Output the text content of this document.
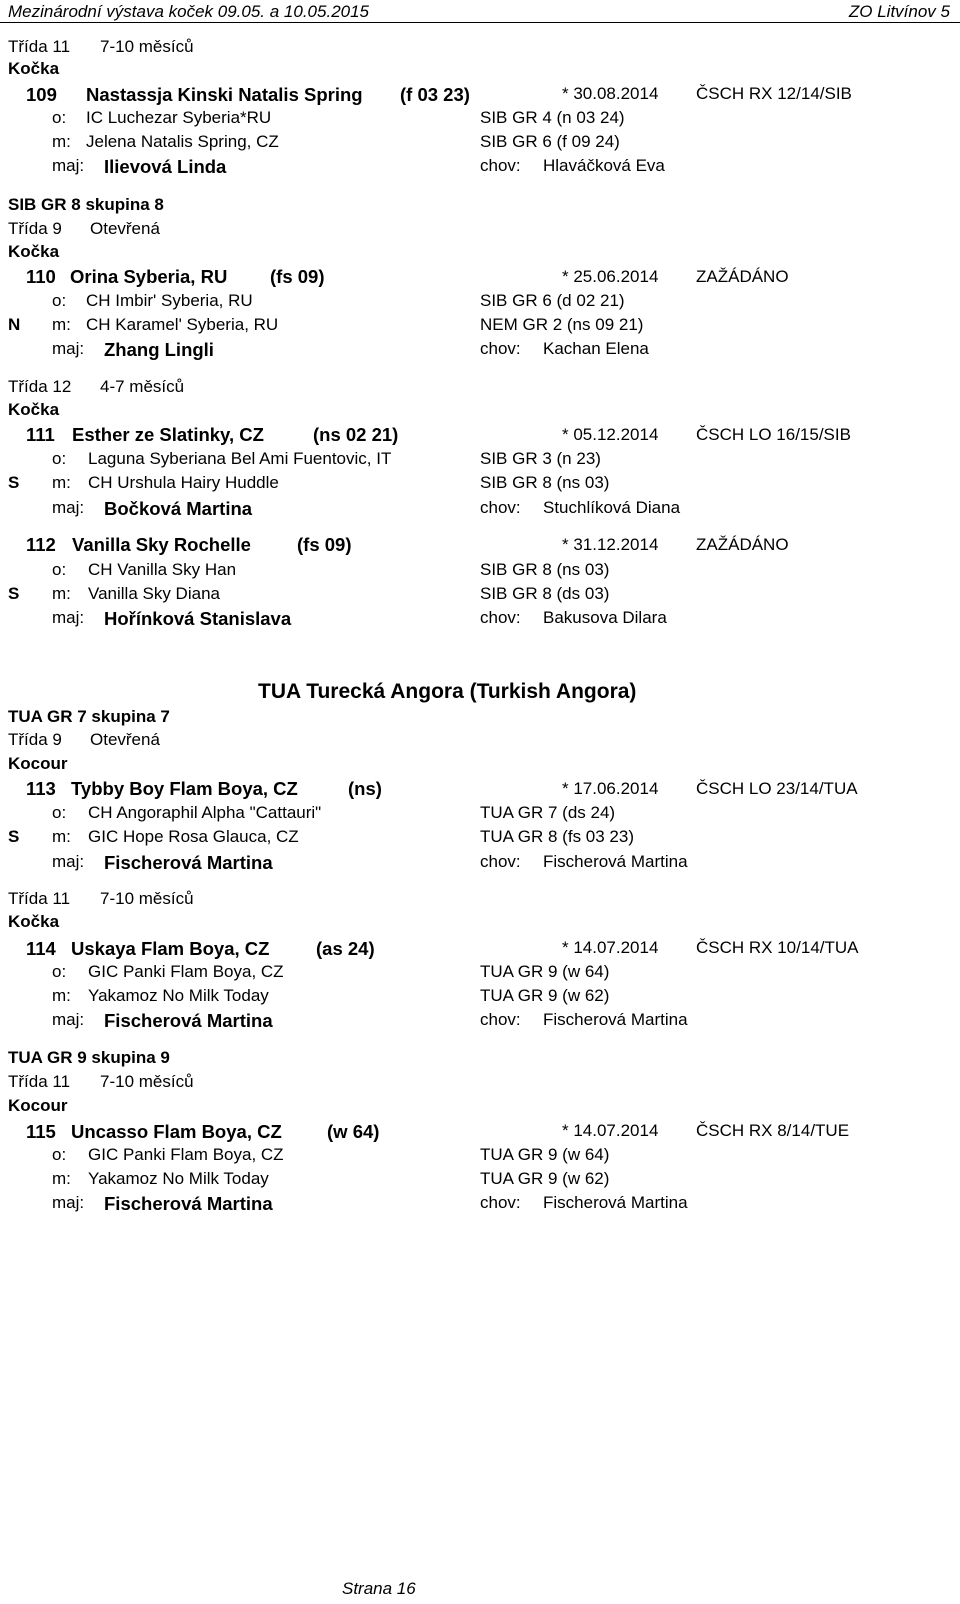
Mezinárodní výstava koček 09.05. a 10.05.2015	ZO Litvínov 5
Třída 11 7-10 měsíců
Kočka
109 Nastassja Kinski Natalis Spring (f 03 23)	* 30.08.2014 ČSCH RX 12/14/SIB
o: IC Luchezar Syberia*RU	SIB GR 4 (n 03 24)
m: Jelena Natalis Spring, CZ	SIB GR 6 (f 09 24)
maj: Ilievová Linda	chov: Hlaváčková Eva
SIB GR 8 skupina 8
Třída 9 Otevřená
Kočka
110 Orina Syberia, RU (fs 09)	* 25.06.2014 ZAŽÁDÁNO
o: CH Imbir' Syberia, RU	SIB GR 6 (d 02 21)
N m: CH Karamel' Syberia, RU	NEM GR 2 (ns 09 21)
maj: Zhang Lingli	chov: Kachan Elena
Třída 12 4-7 měsíců
Kočka
111 Esther ze Slatinky, CZ	(ns 02 21)	* 05.12.2014 ČSCH LO 16/15/SIB
o: Laguna Syberiana Bel Ami Fuentovic, IT	SIB GR 3 (n 23)
S m: CH Urshula Hairy Huddle	SIB GR 8 (ns 03)
maj: Bočková Martina	chov: Stuchlíková Diana
112 Vanilla Sky Rochelle (fs 09)	* 31.12.2014 ZAŽÁDÁNO
o: CH Vanilla Sky Han	SIB GR 8 (ns 03)
S m: Vanilla Sky Diana	SIB GR 8 (ds 03)
maj: Hořínková Stanislava	chov: Bakusova Dilara
TUA Turecká Angora (Turkish Angora)
TUA GR 7 skupina 7
Třída 9 Otevřená
Kocour
113 Tybby Boy Flam Boya, CZ	(ns)	* 17.06.2014 ČSCH LO 23/14/TUA
o: CH Angoraphil Alpha "Cattauri"	TUA GR 7 (ds 24)
S m: GIC Hope Rosa Glauca, CZ	TUA GR 8 (fs 03 23)
maj: Fischerová Martina	chov: Fischerová Martina
Třída 11 7-10 měsíců
Kočka
114 Uskaya Flam Boya, CZ	(as 24)	* 14.07.2014 ČSCH RX 10/14/TUA
o: GIC Panki Flam Boya, CZ	TUA GR 9 (w 64)
m: Yakamoz No Milk Today	TUA GR 9 (w 62)
maj: Fischerová Martina	chov: Fischerová Martina
TUA GR 9 skupina 9
Třída 11 7-10 měsíců
Kocour
115 Uncasso Flam Boya, CZ (w 64)	* 14.07.2014 ČSCH RX 8/14/TUE
o: GIC Panki Flam Boya, CZ	TUA GR 9 (w 64)
m: Yakamoz No Milk Today	TUA GR 9 (w 62)
maj: Fischerová Martina	chov: Fischerová Martina
Strana 16
